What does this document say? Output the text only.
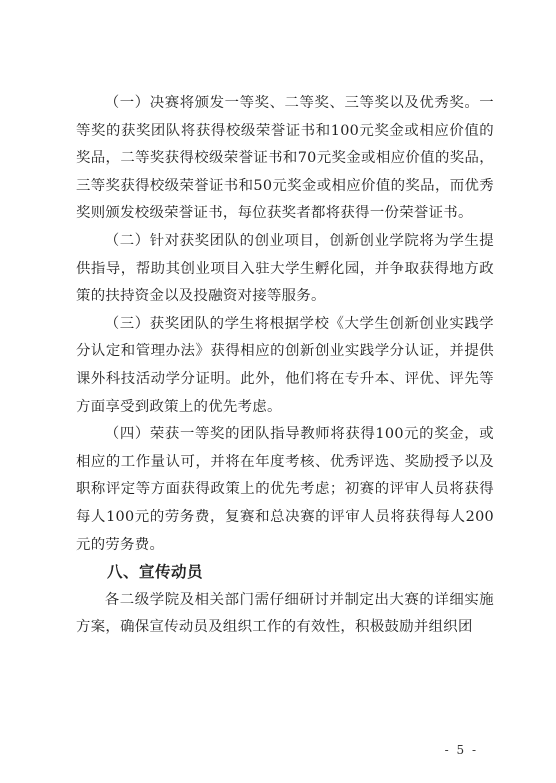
（一）决赛将颁发一等奖、二等奖、三等奖以及优秀奖。一等奖的获奖团队将获得校级荣誉证书和100元奖金或相应价值的奖品，二等奖获得校级荣誉证书和70元奖金或相应价值的奖品，三等奖获得校级荣誉证书和50元奖金或相应价值的奖品，而优秀奖则颁发校级荣誉证书，每位获奖者都将获得一份荣誉证书。

（二）针对获奖团队的创业项目，创新创业学院将为学生提供指导，帮助其创业项目入驻大学生孵化园，并争取获得地方政策的扶持资金以及投融资对接等服务。

（三）获奖团队的学生将根据学校《大学生创新创业实践学分认定和管理办法》获得相应的创新创业实践学分认证，并提供课外科技活动学分证明。此外，他们将在专升本、评优、评先等方面享受到政策上的优先考虑。

（四）荣获一等奖的团队指导教师将获得100元的奖金，或相应的工作量认可，并将在年度考核、优秀评选、奖励授予以及职称评定等方面获得政策上的优先考虑；初赛的评审人员将获得每人100元的劳务费，复赛和总决赛的评审人员将获得每人200元的劳务费。

八、宣传动员

各二级学院及相关部门需仔细研讨并制定出大赛的详细实施方案，确保宣传动员及组织工作的有效性，积极鼓励并组织团

- 5 -
